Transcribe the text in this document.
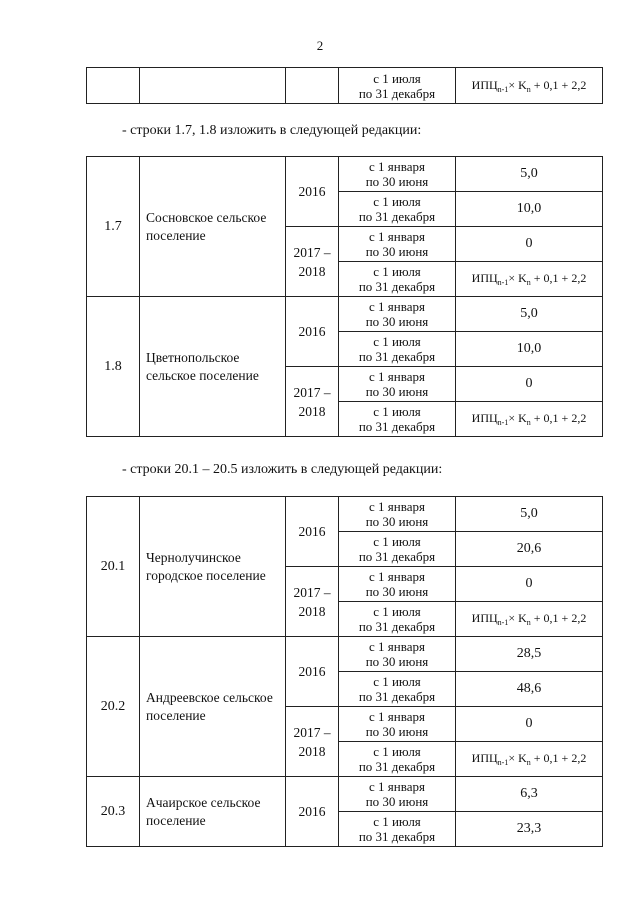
2

с 1 июля
по 31 декабря
	$ИПЦ_{n-1}\times K_n + 0,1 + 2,2$
- строки 1.7, 1.8 изложить в следующей редакции:
1.7	Сосновское сельское поселение	2016	с 1 января
по 30 июня	5,0

			с 1 июля
по 31 декабря	10,0
		2017 – 2018	с 1 января
по 30 июня	0

			с 1 июля
по 31 декабря	$ИПЦ_{n-1}\times K_n + 0,1 + 2,2$
1.8	Цветнопольское сельское поселение	2016	с 1 января
по 30 июня	5,0

			с 1 июля
по 31 декабря	10,0
		2017 – 2018	с 1 января
по 30 июня	0

			с 1 июля
по 31 декабря	$ИПЦ_{n-1}\times K_n + 0,1 + 2,2$
- строки 20.1 – 20.5 изложить в следующей редакции:
20.1	Чернолучинское городское поселение	2016	с 1 января
по 30 июня	5,0

			с 1 июля
по 31 декабря	20,6
		2017 – 2018	с 1 января
по 30 июня	0

			с 1 июля
по 31 декабря	$ИПЦ_{n-1}\times K_n + 0,1 + 2,2$
20.2	Андреевское сельское поселение	2016	с 1 января
по 30 июня	28,5

			с 1 июля
по 31 декабря	48,6
		2017 – 2018	с 1 января
по 30 июня	0

			с 1 июля
по 31 декабря	$ИПЦ_{n-1}\times K_n + 0,1 + 2,2$
20.3	Ачаирское сельское поселение	2016	с 1 января
по 30 июня	6,3

			с 1 июля
по 31 декабря	23,3
